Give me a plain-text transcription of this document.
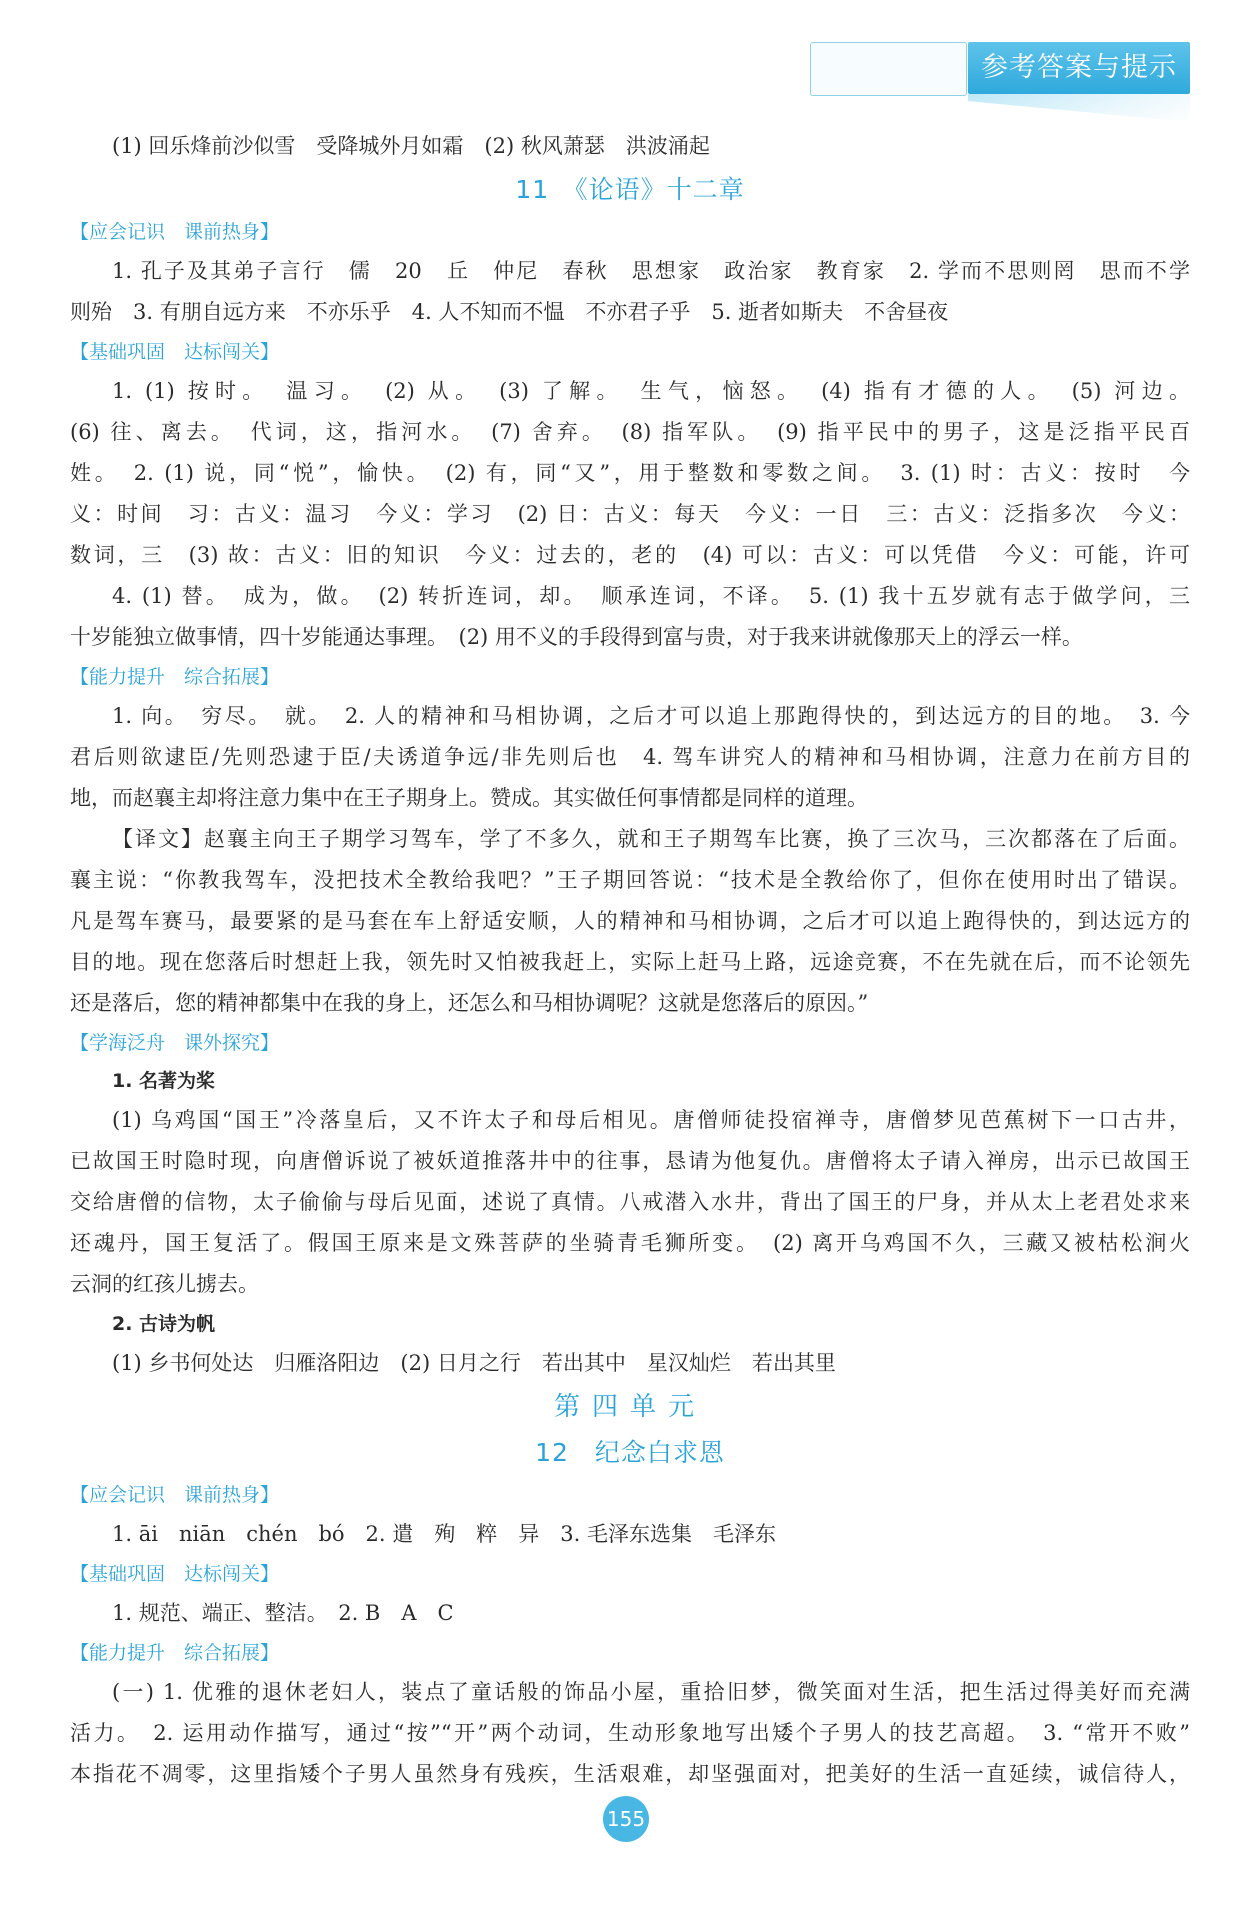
参考答案与提示
(1) 回乐烽前沙似雪　受降城外月如霜　(2) 秋风萧瑟　洪波涌起
11　《论语》十二章
【应会记识　课前热身】
1. 孔子及其弟子言行　儒　20　丘　仲尼　春秋　思想家　政治家　教育家　2. 学而不思则罔　思而不学
则殆　3. 有朋自远方来　不亦乐乎　4. 人不知而不愠　不亦君子乎　5. 逝者如斯夫　不舍昼夜
【基础巩固　达标闯关】
1. (1) 按时。　温习。　(2) 从。　(3) 了解。　生气，恼怒。　(4) 指有才德的人。　(5) 河边。
(6) 往、离去。　代词，这，指河水。　(7) 舍弃。　(8) 指军队。　(9) 指平民中的男子，这是泛指平民百
姓。　2. (1) 说，同“悦”，愉快。　(2) 有，同“又”，用于整数和零数之间。　3. (1) 时：古义：按时　今
义：时间　习：古义：温习　今义：学习　(2) 日：古义：每天　今义：一日　三：古义：泛指多次　今义：
数词，三　(3) 故：古义：旧的知识　今义：过去的，老的　(4) 可以：古义：可以凭借　今义：可能，许可
4. (1) 替。　成为，做。　(2) 转折连词，却。　顺承连词，不译。　5. (1) 我十五岁就有志于做学问，三
十岁能独立做事情，四十岁能通达事理。　(2) 用不义的手段得到富与贵，对于我来讲就像那天上的浮云一样。
【能力提升　综合拓展】
1. 向。　穷尽。　就。　2. 人的精神和马相协调，之后才可以追上那跑得快的，到达远方的目的地。　3. 今
君后则欲逮臣/先则恐逮于臣/夫诱道争远/非先则后也　4. 驾车讲究人的精神和马相协调，注意力在前方目的
地，而赵襄主却将注意力集中在王子期身上。赞成。其实做任何事情都是同样的道理。
【译文】赵襄主向王子期学习驾车，学了不多久，就和王子期驾车比赛，换了三次马，三次都落在了后面。
襄主说：“你教我驾车，没把技术全教给我吧？”王子期回答说：“技术是全教给你了，但你在使用时出了错误。
凡是驾车赛马，最要紧的是马套在车上舒适安顺，人的精神和马相协调，之后才可以追上跑得快的，到达远方的
目的地。现在您落后时想赶上我，领先时又怕被我赶上，实际上赶马上路，远途竞赛，不在先就在后，而不论领先
还是落后，您的精神都集中在我的身上，还怎么和马相协调呢？这就是您落后的原因。”
【学海泛舟　课外探究】
1. 名著为桨
(1) 乌鸡国“国王”冷落皇后，又不许太子和母后相见。唐僧师徒投宿禅寺，唐僧梦见芭蕉树下一口古井，
已故国王时隐时现，向唐僧诉说了被妖道推落井中的往事，恳请为他复仇。唐僧将太子请入禅房，出示已故国王
交给唐僧的信物，太子偷偷与母后见面，述说了真情。八戒潜入水井，背出了国王的尸身，并从太上老君处求来
还魂丹，国王复活了。假国王原来是文殊菩萨的坐骑青毛狮所变。　(2) 离开乌鸡国不久，三藏又被枯松涧火
云洞的红孩儿掳去。
2. 古诗为帆
(1) 乡书何处达　归雁洛阳边　(2) 日月之行　若出其中　星汉灿烂　若出其里
第四单元
12　纪念白求恩
【应会记识　课前热身】
1. āi　niān　chén　bó　2. 遣　殉　粹　异　3. 毛泽东选集　毛泽东
【基础巩固　达标闯关】
1. 规范、端正、整洁。　2. B　A　C
【能力提升　综合拓展】
(一) 1. 优雅的退休老妇人，装点了童话般的饰品小屋，重拾旧梦，微笑面对生活，把生活过得美好而充满
活力。　2. 运用动作描写，通过“按”“开”两个动词，生动形象地写出矮个子男人的技艺高超。　3. “常开不败”
本指花不凋零，这里指矮个子男人虽然身有残疾，生活艰难，却坚强面对，把美好的生活一直延续，诚信待人，
155
